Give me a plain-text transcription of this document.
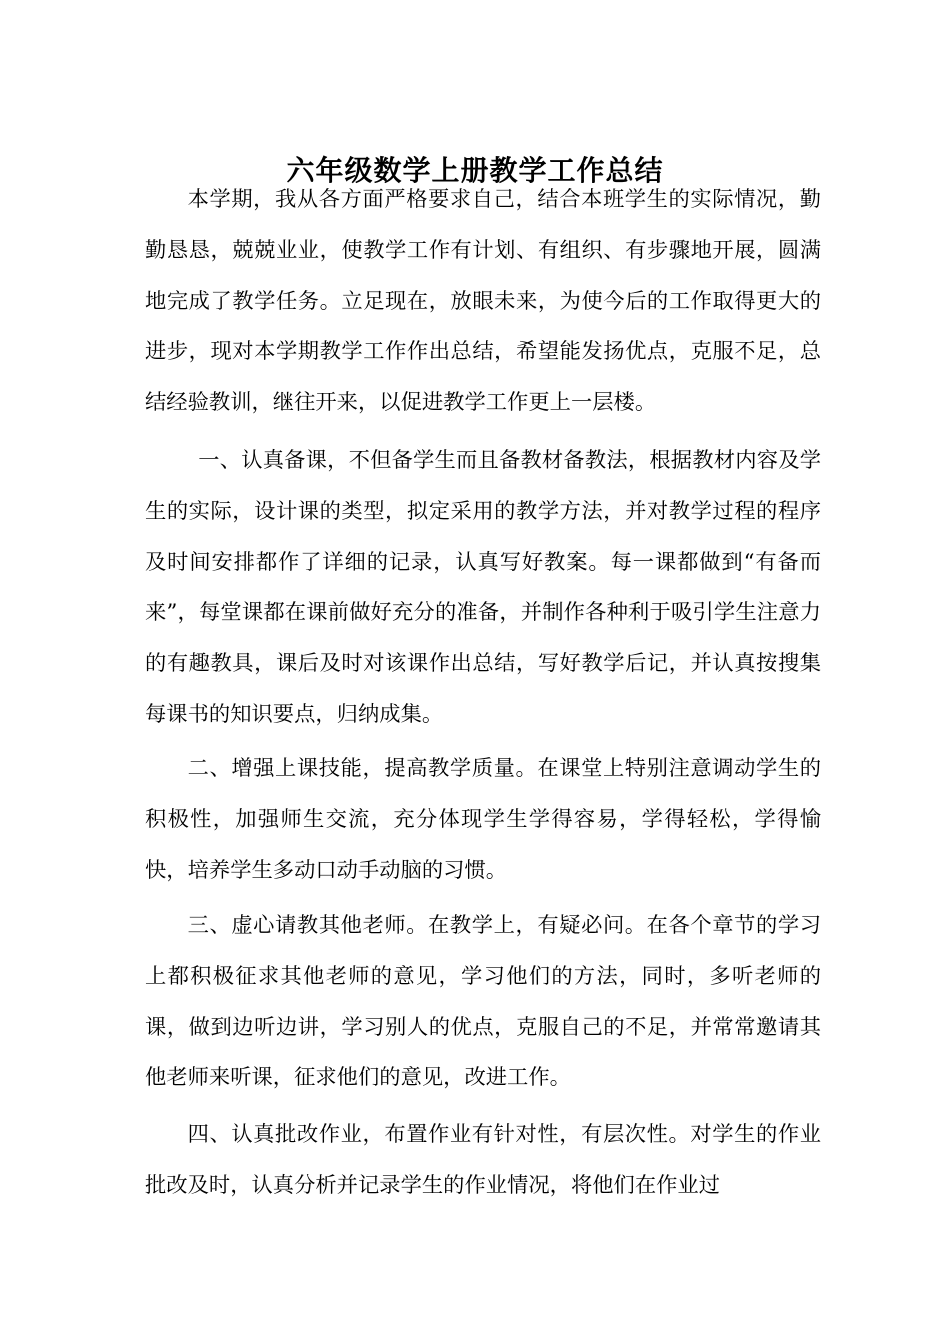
六年级数学上册教学工作总结

本学期，我从各方面严格要求自己，结合本班学生的实际情况，勤勤恳恳，兢兢业业，使教学工作有计划、有组织、有步骤地开展，圆满地完成了教学任务。立足现在，放眼未来，为使今后的工作取得更大的进步，现对本学期教学工作作出总结，希望能发扬优点，克服不足，总结经验教训，继往开来，以促进教学工作更上一层楼。

一、认真备课，不但备学生而且备教材备教法，根据教材内容及学生的实际，设计课的类型，拟定采用的教学方法，并对教学过程的程序及时间安排都作了详细的记录，认真写好教案。每一课都做到“有备而来”，每堂课都在课前做好充分的准备，并制作各种利于吸引学生注意力的有趣教具，课后及时对该课作出总结，写好教学后记，并认真按搜集每课书的知识要点，归纳成集。

二、增强上课技能，提高教学质量。在课堂上特别注意调动学生的积极性，加强师生交流，充分体现学生学得容易，学得轻松，学得愉快，培养学生多动口动手动脑的习惯。

三、虚心请教其他老师。在教学上，有疑必问。在各个章节的学习上都积极征求其他老师的意见，学习他们的方法，同时，多听老师的课，做到边听边讲，学习别人的优点，克服自己的不足，并常常邀请其他老师来听课，征求他们的意见，改进工作。

四、认真批改作业，布置作业有针对性，有层次性。对学生的作业批改及时，认真分析并记录学生的作业情况，将他们在作业过
